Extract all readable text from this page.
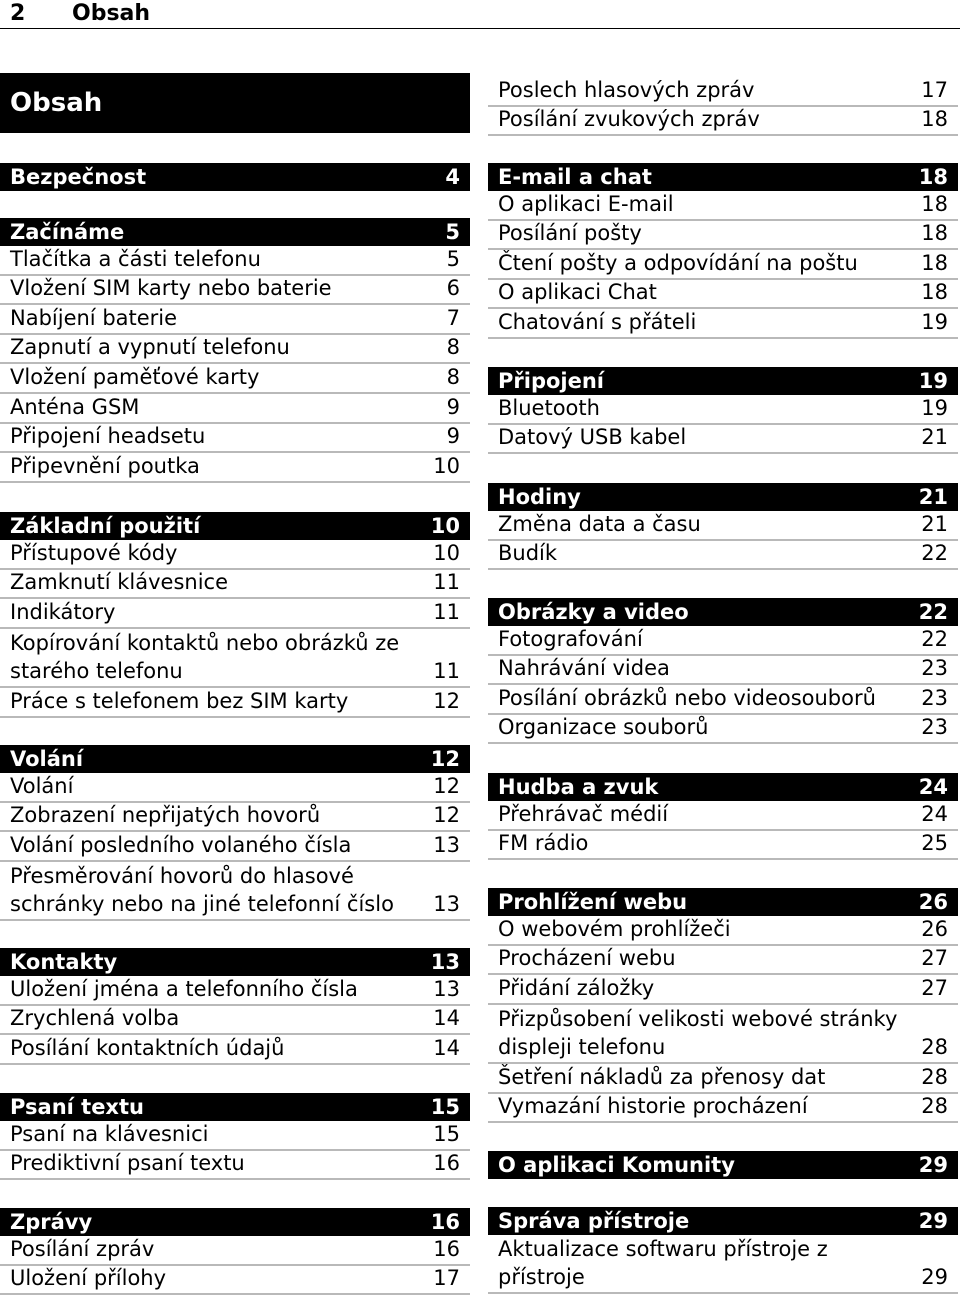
2 Obsah
Obsah
Bezpečnost	4
Začínáme	5
Tlačítka a části telefonu	5
Vložení SIM karty nebo baterie	6
Nabíjení baterie	7
Zapnutí a vypnutí telefonu	8
Vložení paměťové karty	8
Anténa GSM	9
Připojení headsetu	9
Připevnění poutka	10
Základní použití	10
Přístupové kódy	10
Zamknutí klávesnice	11
Indikátory	11
Kopírování kontaktů nebo obrázků ze starého telefonu	11
Práce s telefonem bez SIM karty	12
Volání	12
Volání	12
Zobrazení nepřijatých hovorů	12
Volání posledního volaného čísla	13
Přesměrování hovorů do hlasové schránky nebo na jiné telefonní číslo	13
Kontakty	13
Uložení jména a telefonního čísla	13
Zrychlená volba	14
Posílání kontaktních údajů	14
Psaní textu	15
Psaní na klávesnici	15
Prediktivní psaní textu	16
Zprávy	16
Posílání zpráv	16
Uložení přílohy	17
Poslech hlasových zpráv	17
Posílání zvukových zpráv	18
E-mail a chat	18
O aplikaci E-mail	18
Posílání pošty	18
Čtení pošty a odpovídání na poštu	18
O aplikaci Chat	18
Chatování s přáteli	19
Připojení	19
Bluetooth	19
Datový USB kabel	21
Hodiny	21
Změna data a času	21
Budík	22
Obrázky a video	22
Fotografování	22
Nahrávání videa	23
Posílání obrázků nebo videosouborů	23
Organizace souborů	23
Hudba a zvuk	24
Přehrávač médií	24
FM rádio	25
Prohlížení webu	26
O webovém prohlížeči	26
Procházení webu	27
Přidání záložky	27
Přizpůsobení velikosti webové stránky displeji telefonu	28
Šetření nákladů za přenosy dat	28
Vymazání historie procházení	28
O aplikaci Komunity	29
Správa přístroje	29
Aktualizace softwaru přístroje z přístroje	29
